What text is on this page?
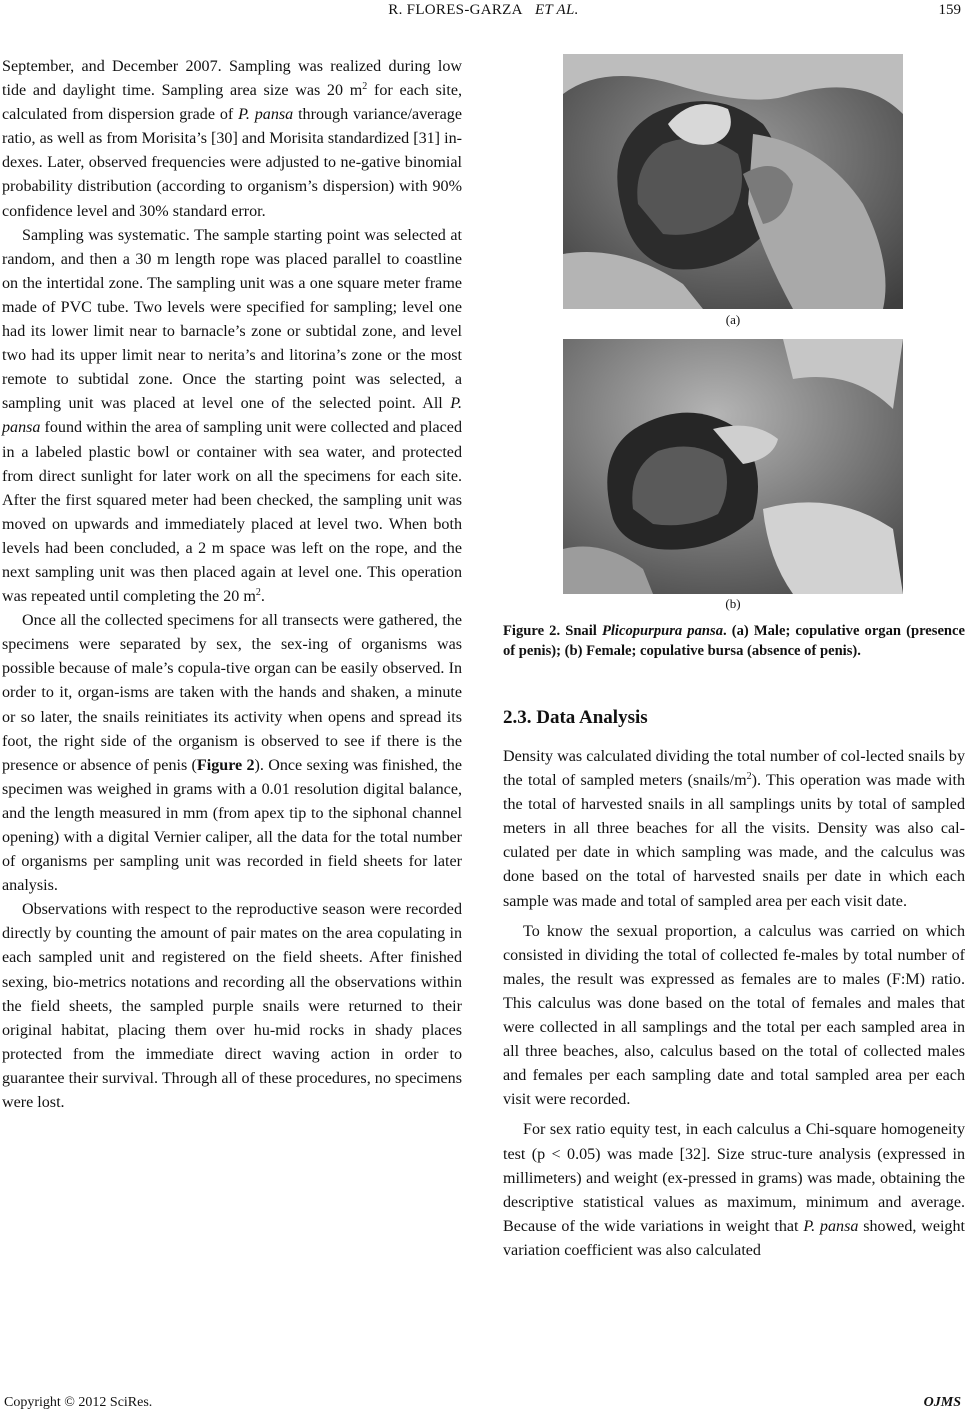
R. FLORES-GARZA ET AL.	159

September, and December 2007. Sampling was realized during low tide and daylight time. Sampling area size was 20 $m^2$ for each site, calculated from dispersion grade of P. pansa through variance/average ratio, as well as from Morisita’s [30] and Morisita standardized [31] in-dexes. Later, observed frequencies were adjusted to ne-gative binomial probability distribution (according to organism’s dispersion) with 90% confidence level and 30% standard error.

Sampling was systematic. The sample starting point was selected at random, and then a 30 m length rope was placed parallel to coastline on the intertidal zone. The sampling unit was a one square meter frame made of PVC tube. Two levels were specified for sampling; level one had its lower limit near to barnacle’s zone or subtidal zone, and level two had its upper limit near to nerita’s and litorina’s zone or the most remote to subtidal zone. Once the starting point was selected, a sampling unit was placed at level one of the selected point. All P. pansa found within the area of sampling unit were collected and placed in a labeled plastic bowl or container with sea water, and protected from direct sunlight for later work on all the specimens for each site. After the first squared meter had been checked, the sampling unit was moved on upwards and immediately placed at level two. When both levels had been concluded, a 2 m space was left on the rope, and the next sampling unit was then placed again at level one. This operation was repeated until completing the 20 $m^2$.

Once all the collected specimens for all transects were gathered, the specimens were separated by sex, the sex-ing of organisms was possible because of male’s copula-tive organ can be easily observed. In order to it, organ-isms are taken with the hands and shaken, a minute or so later, the snails reinitiates its activity when opens and spread its foot, the right side of the organism is observed to see if there is the presence or absence of penis (Figure 2). Once sexing was finished, the specimen was weighed in grams with a 0.01 resolution digital balance, and the length measured in mm (from apex tip to the siphonal channel opening) with a digital Vernier caliper, all the data for the total number of organisms per sampling unit was recorded in field sheets for later analysis.

Observations with respect to the reproductive season were recorded directly by counting the amount of pair mates on the area copulating in each sampled unit and registered on the field sheets. After finished sexing, bio-metrics notations and recording all the observations within the field sheets, the sampled purple snails were returned to their original habitat, placing them over hu-mid rocks in shady places protected from the immediate direct waving action in order to guarantee their survival. Through all of these procedures, no specimens were lost.

(a)
(b)
Figure 2. Snail Plicopurpura pansa. (a) Male; copulative organ (presence of penis); (b) Female; copulative bursa (absence of penis).
2.3. Data Analysis

Density was calculated dividing the total number of col-lected snails by the total of sampled meters $(snails/m^2)$. This operation was made with the total of harvested snails in all samplings units by total of sampled meters in all three beaches for all the visits. Density was also cal-culated per date in which sampling was made, and the calculus was done based on the total of harvested snails per date in which each sample was made and total of sampled area per each visit date.

To know the sexual proportion, a calculus was carried on which consisted in dividing the total of collected fe-males by total number of males, the result was expressed as females are to males (F:M) ratio. This calculus was done based on the total of females and males that were collected in all samplings and the total per each sampled area in all three beaches, also, calculus based on the total of collected males and females per each sampling date and total sampled area per each visit were recorded.

For sex ratio equity test, in each calculus a Chi-square homogeneity test (p < 0.05) was made [32]. Size struc-ture analysis (expressed in millimeters) and weight (ex-pressed in grams) was made, obtaining the descriptive statistical values as maximum, minimum and average. Because of the wide variations in weight that P. pansa showed, weight variation coefficient was also calculated

Copyright © 2012 SciRes.	OJMS
